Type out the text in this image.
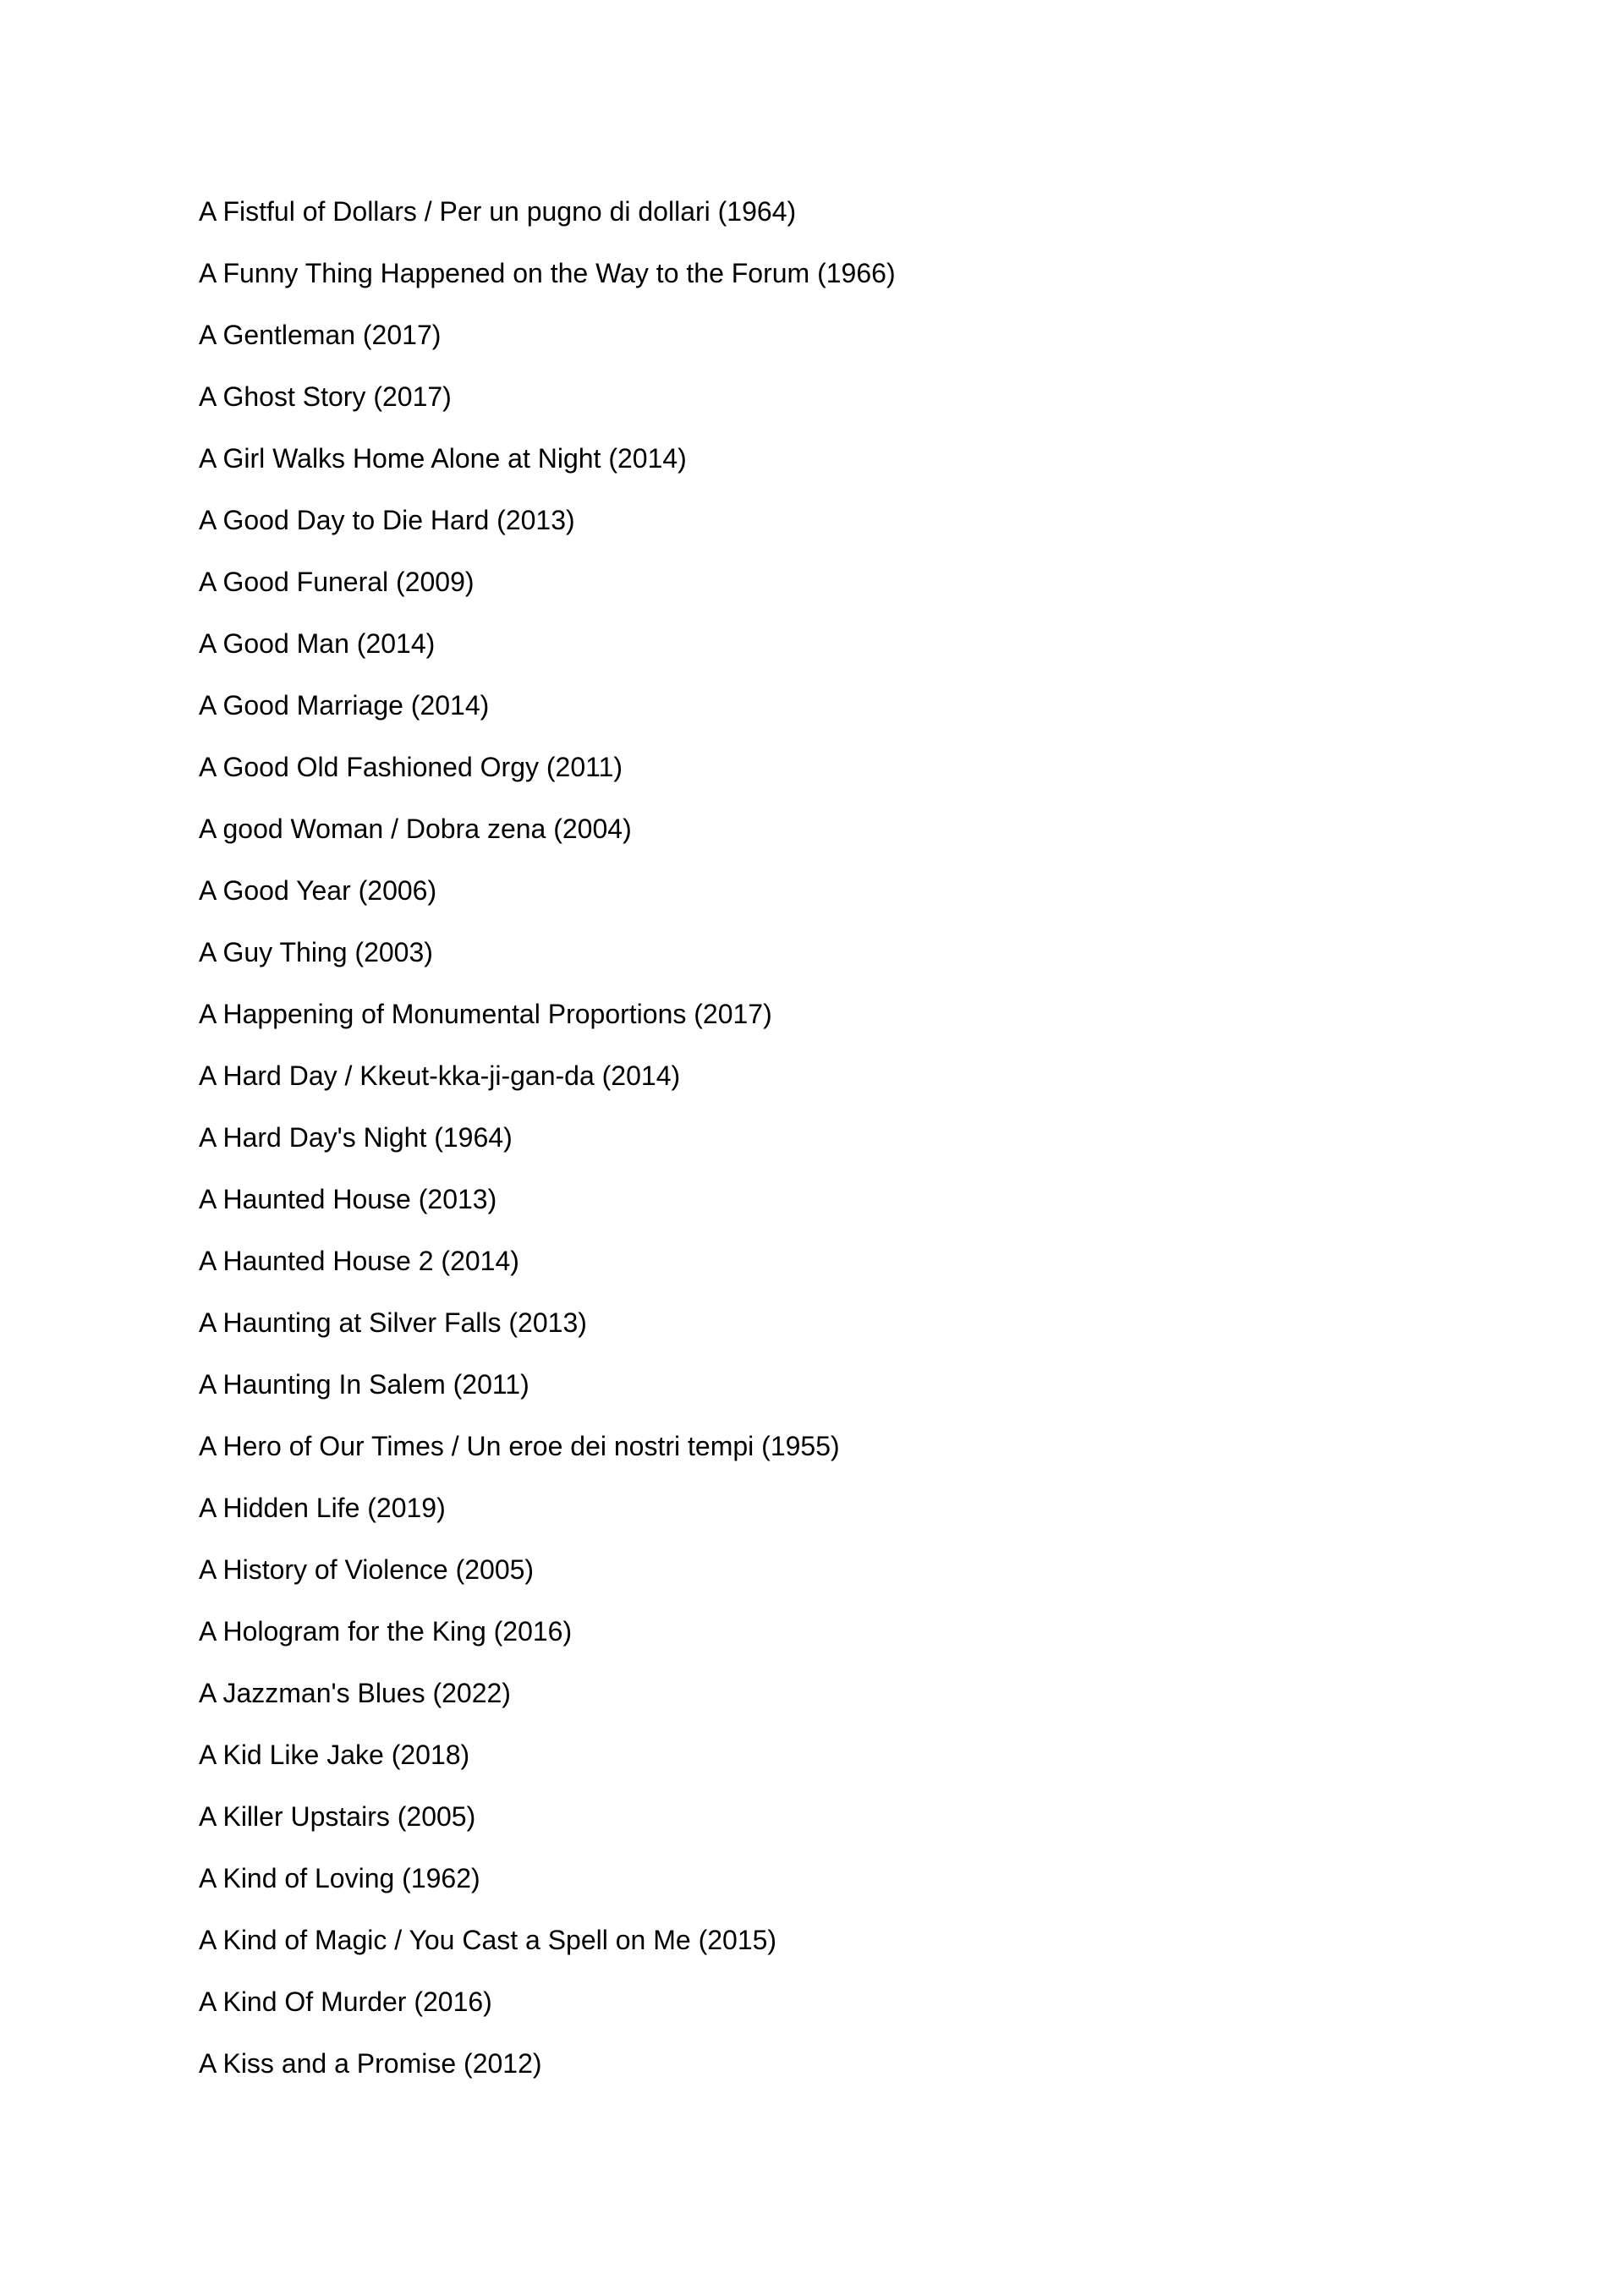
A Fistful of Dollars / Per un pugno di dollari (1964)
A Funny Thing Happened on the Way to the Forum (1966)
A Gentleman (2017)
A Ghost Story (2017)
A Girl Walks Home Alone at Night (2014)
A Good Day to Die Hard (2013)
A Good Funeral (2009)
A Good Man (2014)
A Good Marriage (2014)
A Good Old Fashioned Orgy (2011)
A good Woman / Dobra zena (2004)
A Good Year (2006)
A Guy Thing (2003)
A Happening of Monumental Proportions (2017)
A Hard Day / Kkeut-kka-ji-gan-da (2014)
A Hard Day's Night (1964)
A Haunted House (2013)
A Haunted House 2 (2014)
A Haunting at Silver Falls (2013)
A Haunting In Salem (2011)
A Hero of Our Times / Un eroe dei nostri tempi (1955)
A Hidden Life (2019)
A History of Violence (2005)
A Hologram for the King (2016)
A Jazzman's Blues (2022)
A Kid Like Jake (2018)
A Killer Upstairs (2005)
A Kind of Loving (1962)
A Kind of Magic / You Cast a Spell on Me (2015)
A Kind Of Murder (2016)
A Kiss and a Promise (2012)
